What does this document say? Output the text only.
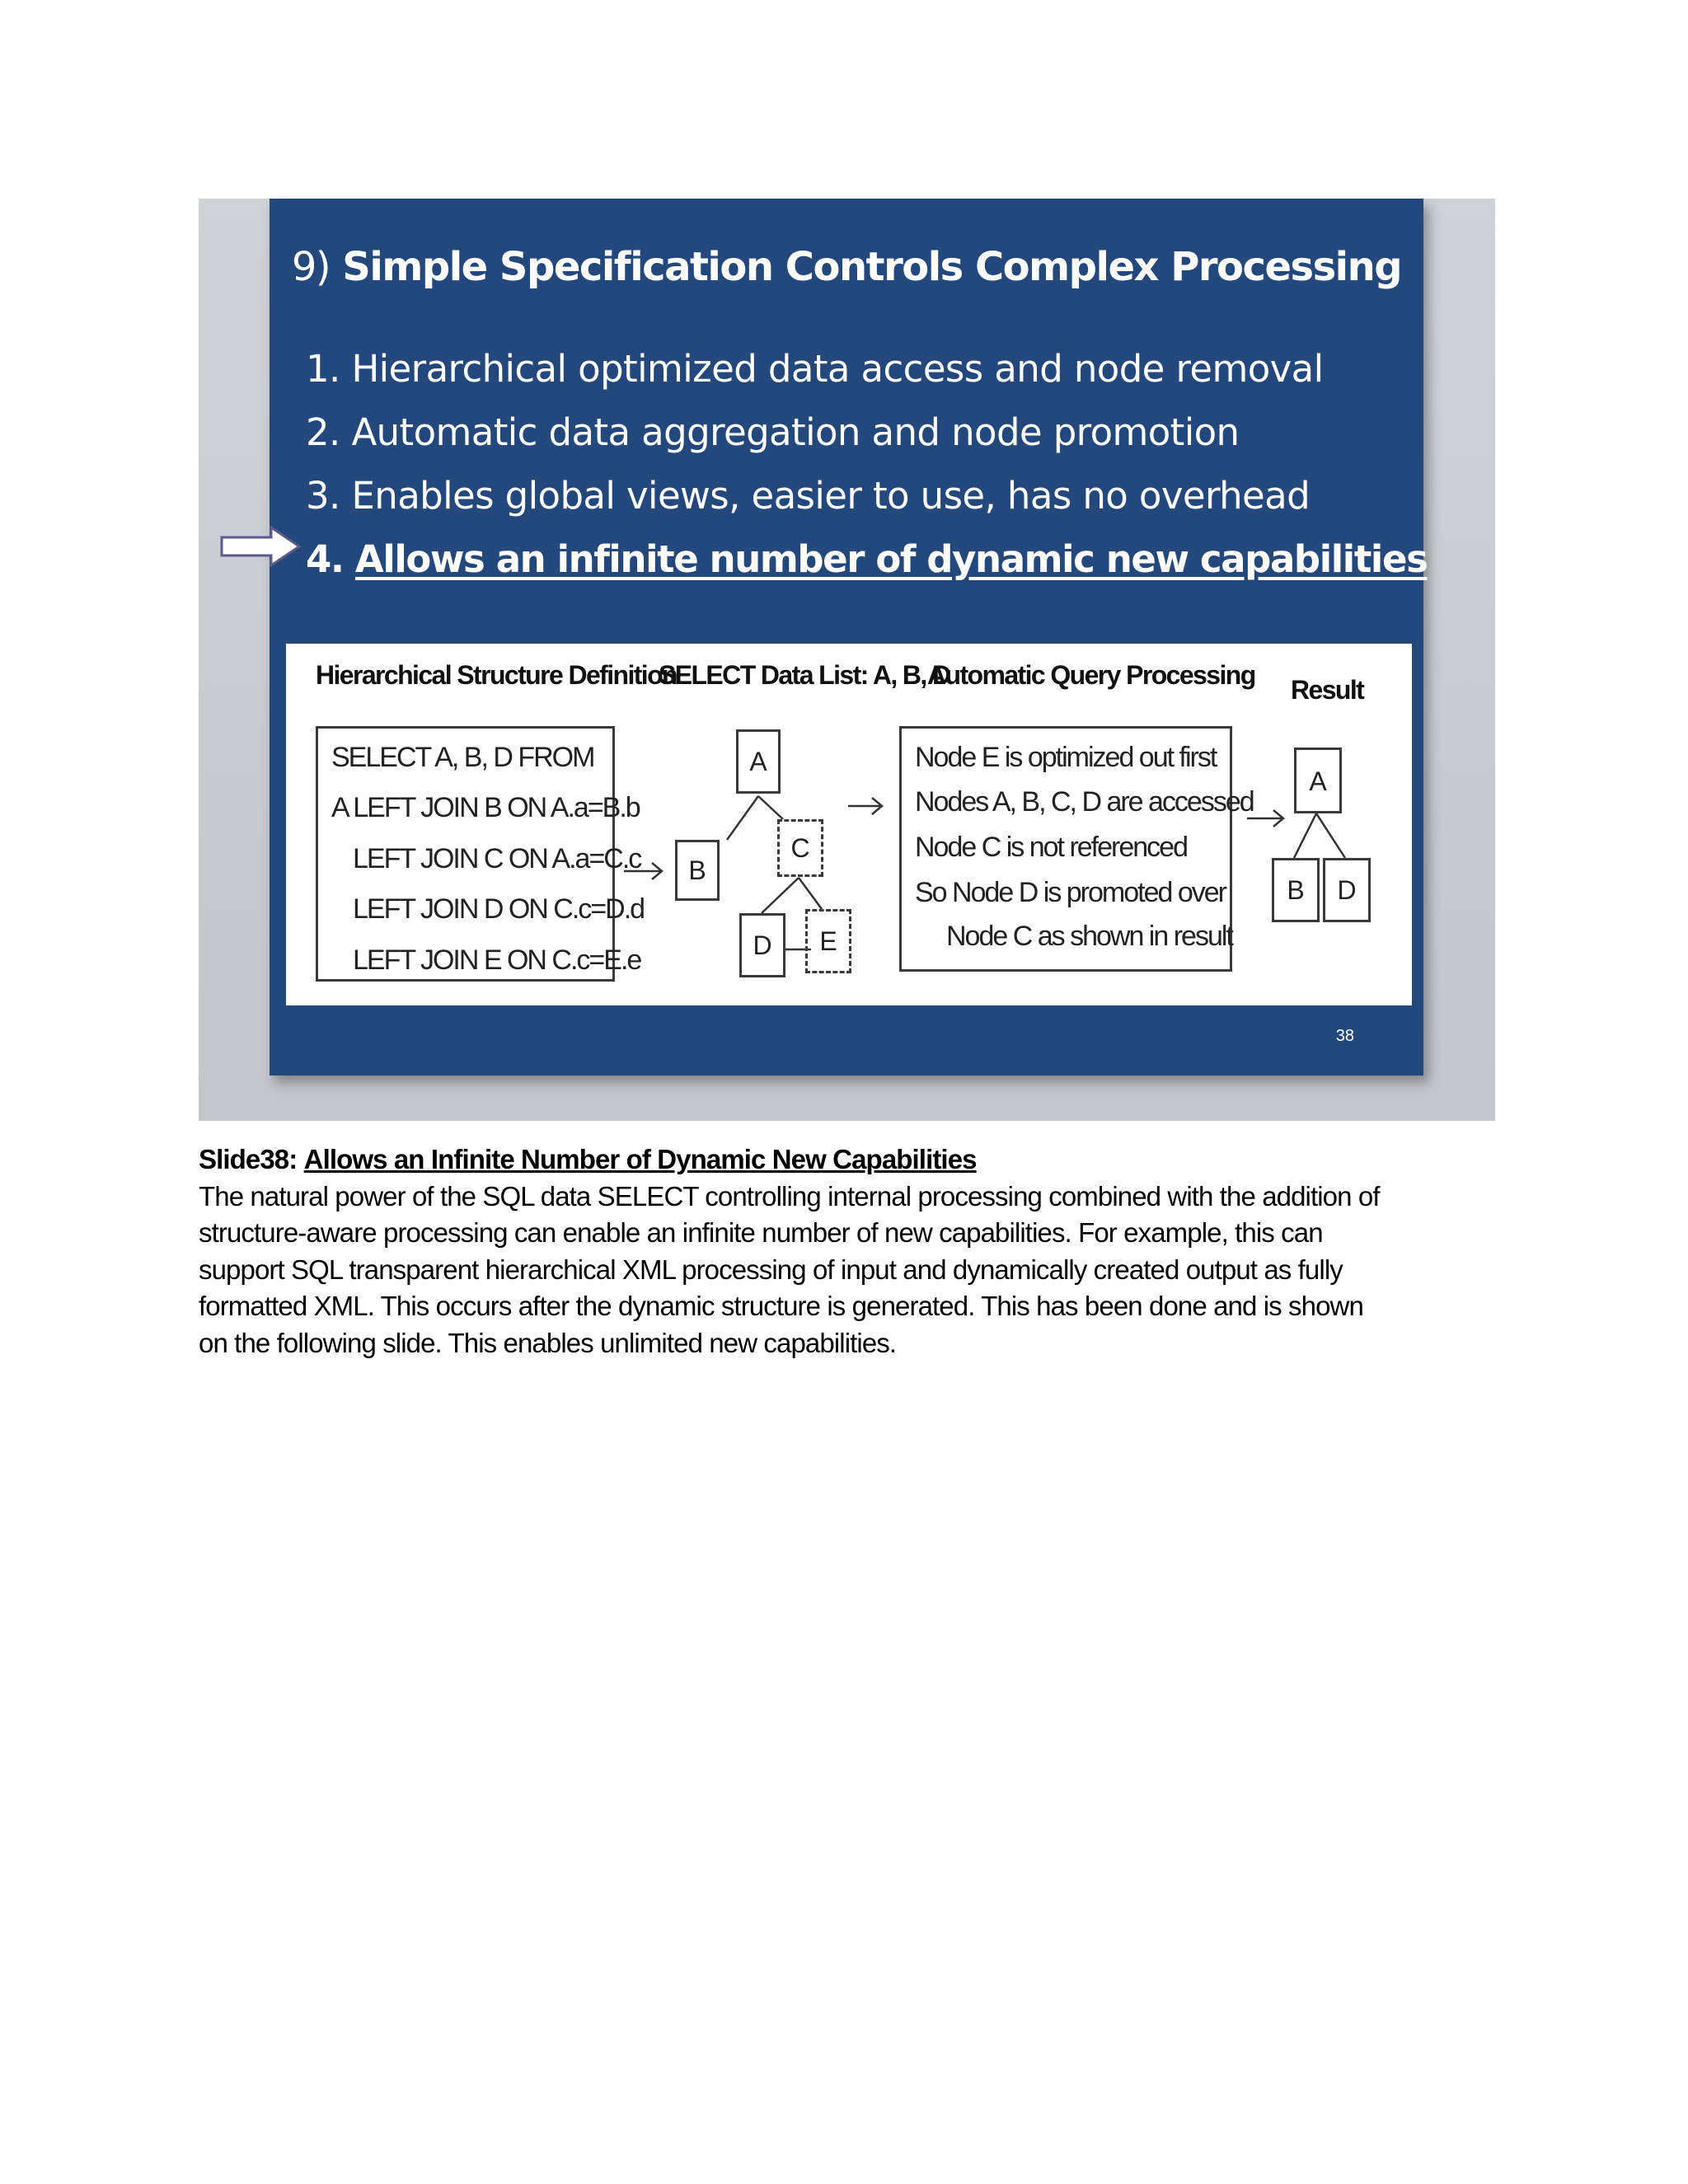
9) Simple Specification Controls Complex Processing
1. Hierarchical optimized data access and node removal
2. Automatic data aggregation and node promotion
3. Enables global views, easier to use, has no overhead
4. Allows an infinite number of dynamic new capabilities
Hierarchical Structure Definition
SELECT Data List: A, B, D
Automatic Query Processing Result
SELECT A, B, D FROM
A LEFT JOIN B ON A.a=B.b
LEFT JOIN C ON A.a=C.c
LEFT JOIN D ON C.c=D.d
LEFT JOIN E ON C.c=E.e
A
B
C
D	E
Node E is optimized out first
Nodes A, B, C, D are accessed
Node C is not referenced
So Node D is promoted over
Node C as shown in result
A
B	D
38
Slide38: Allows an Infinite Number of Dynamic New Capabilities

The natural power of the SQL data SELECT controlling internal processing combined with the addition of
structure-aware processing can enable an infinite number of new capabilities. For example, this can
support SQL transparent hierarchical XML processing of input and dynamically created output as fully
formatted XML. This occurs after the dynamic structure is generated. This has been done and is shown
on the following slide. This enables unlimited new capabilities.
